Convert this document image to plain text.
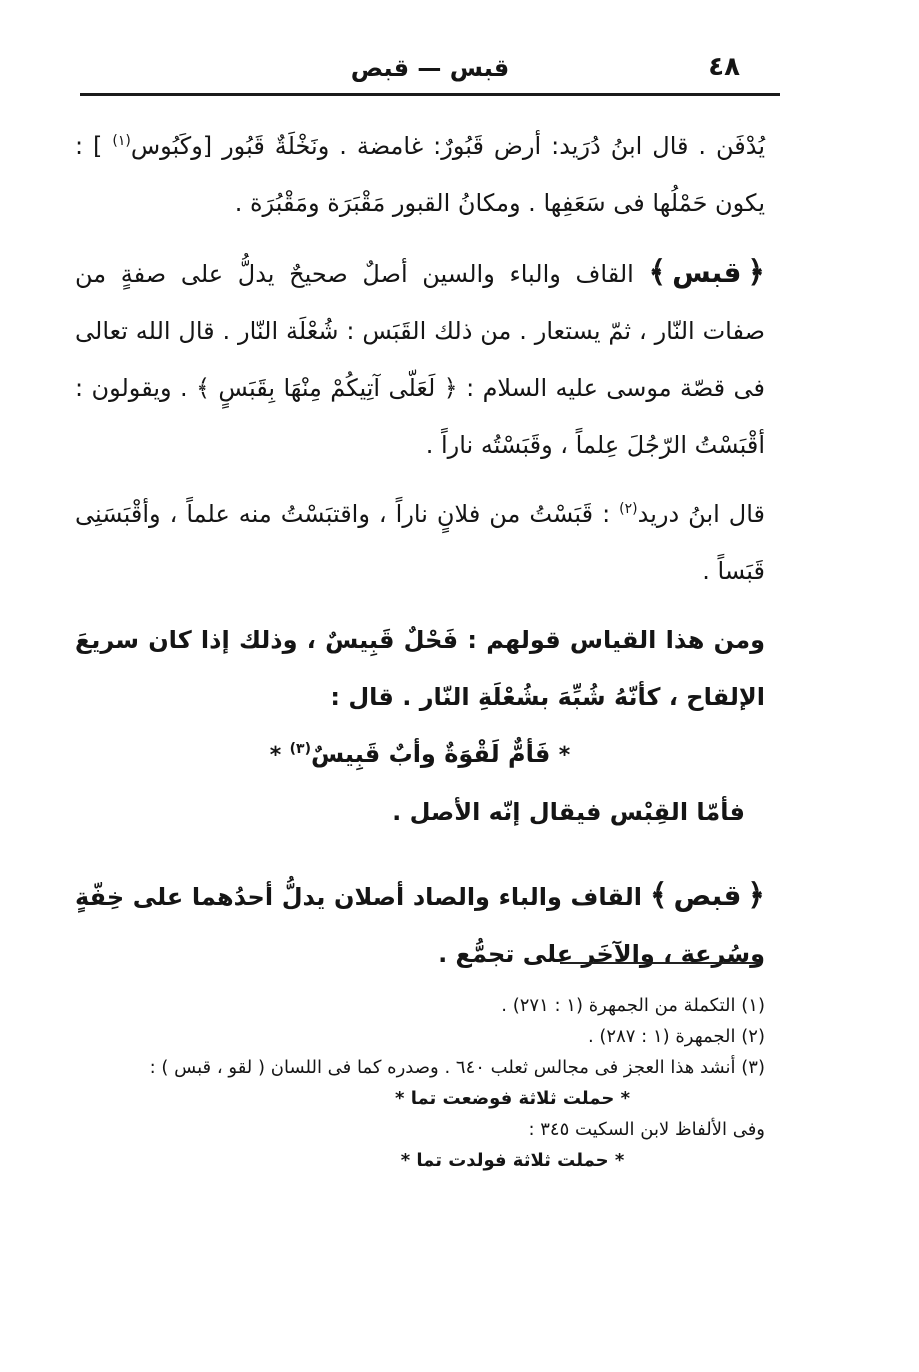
٤٨
قبس — قبص

يُدْفَن . قال ابنُ دُرَيد: أرض قَبُورٌ: غامضة . ونَخْلَةٌ قَبُور [وكَبُوس$^{(١)}$ ] : يكون حَمْلُها فى سَعَفِها . ومكانُ القبور مَقْبَرَة ومَقْبُرَة .

﴿قبس﴾ القاف والباء والسين أصلٌ صحيحٌ يدلُّ على صفةٍ من صفات النّار ، ثمّ يستعار . من ذلك القَبَس : شُعْلَة النّار . قال الله تعالى فى قصّة موسى عليه السلام : ﴿ لَعَلّى آتِيكُمْ مِنْهَا بِقَبَسٍ ﴾ . ويقولون : أقْبَسْتُ الرّجُلَ عِلماً ، وقَبَسْتُه ناراً .

قال ابنُ دريد$^{(٢)}$ : قَبَسْتُ من فلانٍ ناراً ، واقتبَسْتُ منه علماً ، وأقْبَسَنِى قَبَساً .

ومن هذا القياس قولهم : فَحْلٌ قَبِيسٌ ، وذلك إذا كان سريعَ الإلقاح ، كأنّهُ شُبِّهَ بشُعْلَةِ النّار . قال :

* فَأمٌّ لَقْوَةٌ وأبٌ قَبِيسٌ$^{(٣)}$ *

فأمّا القِبْس فيقال إنّه الأصل .

﴿قبص﴾ القاف والباء والصاد أصلان يدلُّ أحدُهما على خِفّةٍ وسُرعة ، والآخَر على تجمُّع .

(١) التكملة من الجمهرة (١ : ٢٧١) .

(٢) الجمهرة (١ : ٢٨٧) .

(٣) أنشد هذا العجز فى مجالس ثعلب ٦٤٠ . وصدره كما فى اللسان ( لقو ، قبس ) :

* حملت ثلاثة فوضعت تما *

وفى الألفاظ لابن السكيت ٣٤٥ :

* حملت ثلاثة فولدت تما *
